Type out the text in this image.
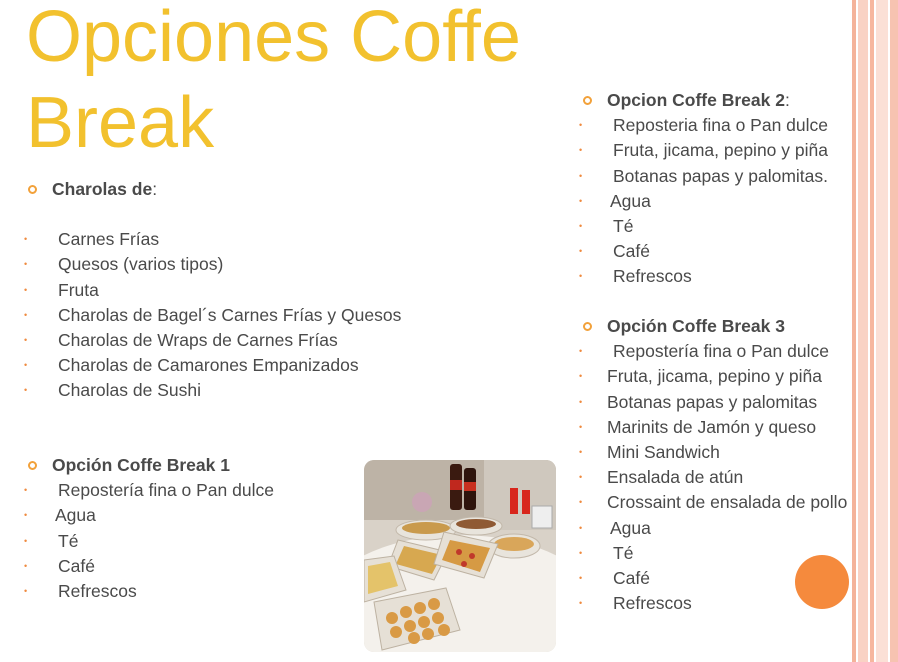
Opciones Coffe Break
Charolas de:
• Carnes Frías
• Quesos (varios tipos)
• Fruta
• Charolas de Bagel´s Carnes Frías y Quesos
• Charolas de Wraps de Carnes Frías
• Charolas de Camarones Empanizados
• Charolas de Sushi
Opción Coffe Break 1
• Repostería fina o Pan dulce
• Agua
• Té
• Café
• Refrescos
Opcion Coffe Break 2:
• Reposteria fina o Pan dulce
• Fruta, jicama, pepino y piña
• Botanas papas y palomitas.
• Agua
• Té
• Café
• Refrescos
Opción Coffe Break 3
• Repostería fina o Pan dulce
• Fruta, jicama, pepino y piña
• Botanas papas y palomitas
• Marinits de Jamón y queso
• Mini Sandwich
• Ensalada de atún
• Crossaint de ensalada de pollo
• Agua
• Té
• Café
• Refrescos
